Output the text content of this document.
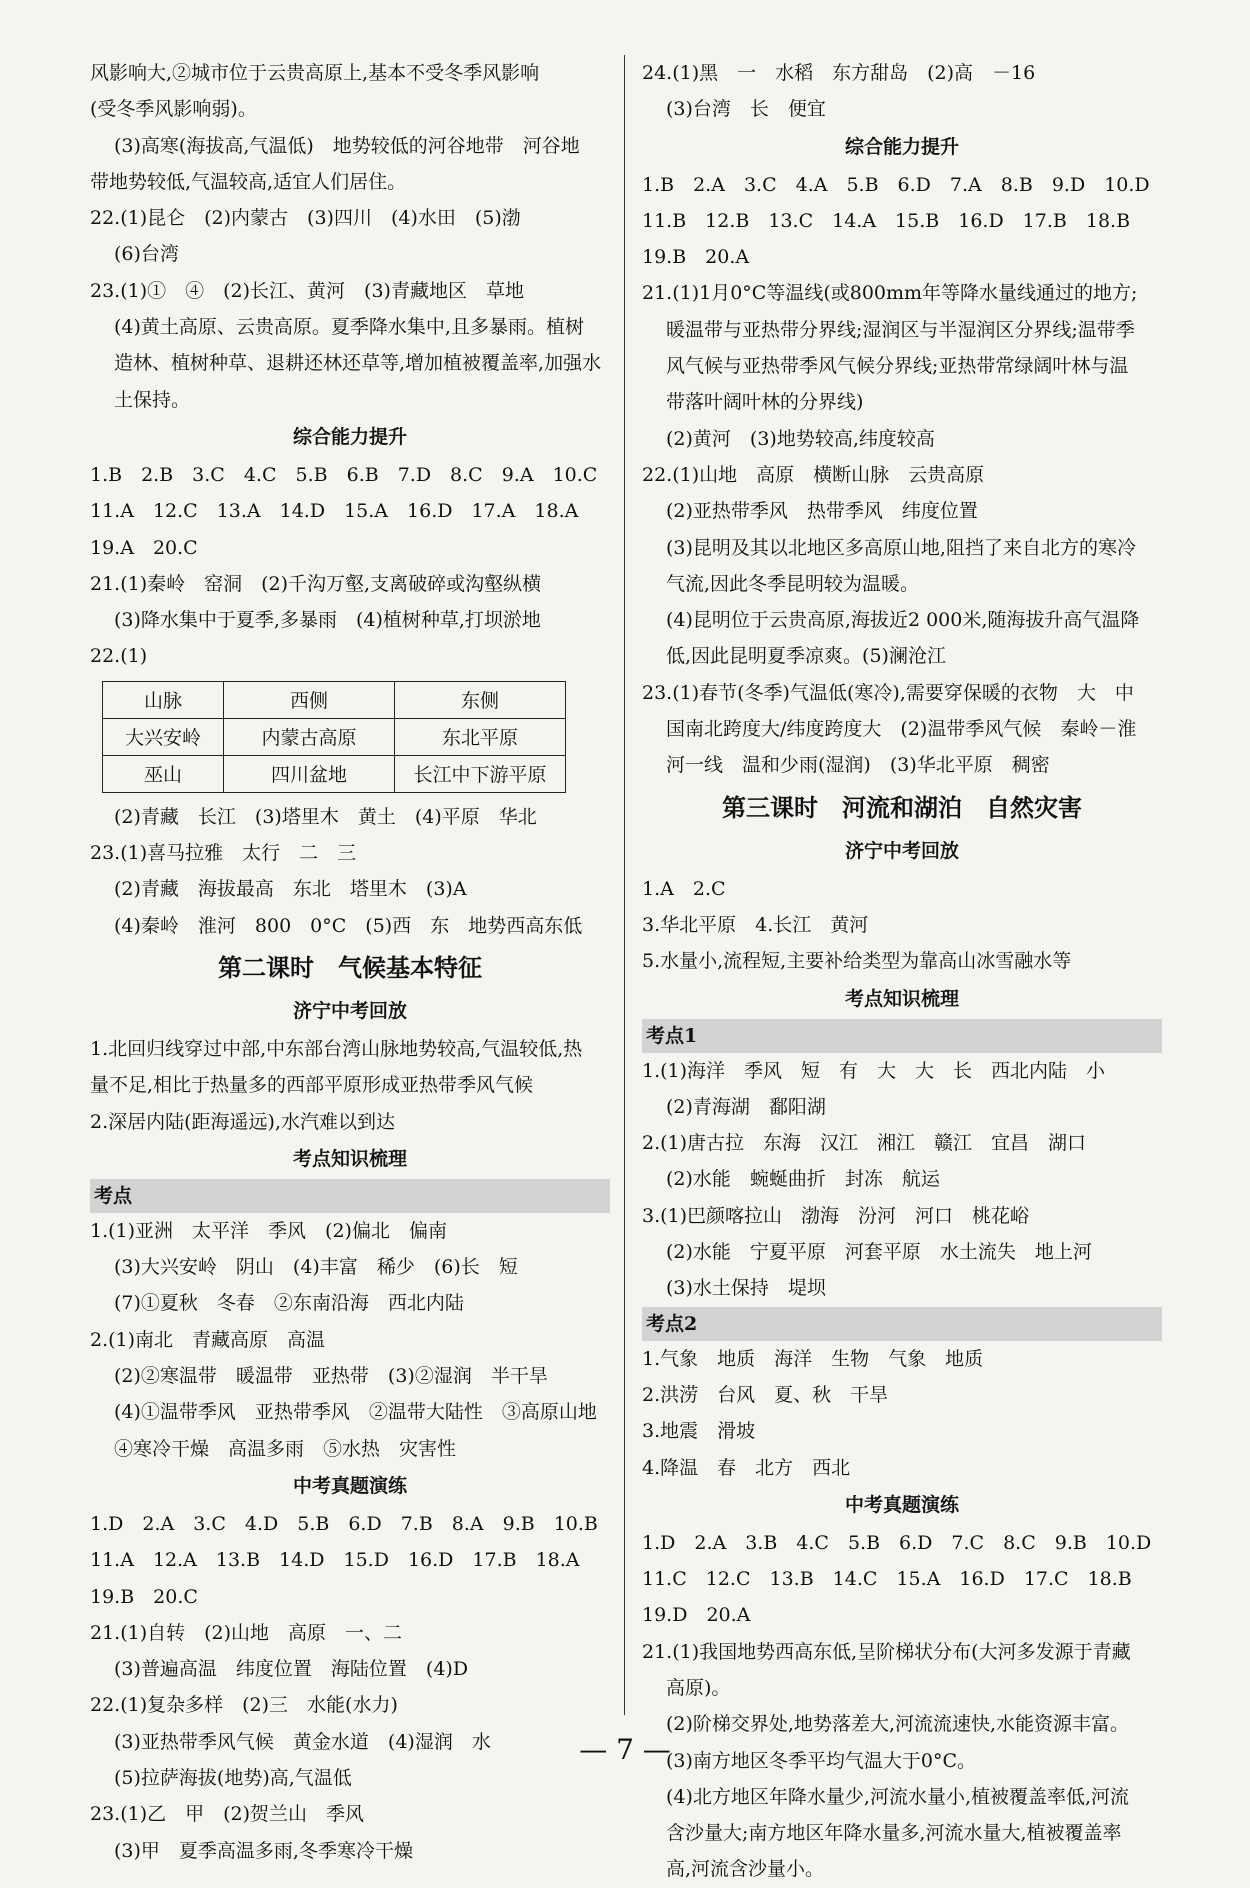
风影响大,②城市位于云贵高原上,基本不受冬季风影响
(受冬季风影响弱)。
(3)高寒(海拔高,气温低)　地势较低的河谷地带　河谷地
带地势较低,气温较高,适宜人们居住。
22.(1)昆仑　(2)内蒙古　(3)四川　(4)水田　(5)渤
(6)台湾
23.(1)①　④　(2)长江、黄河　(3)青藏地区　草地
(4)黄土高原、云贵高原。夏季降水集中,且多暴雨。植树
造林、植树种草、退耕还林还草等,增加植被覆盖率,加强水
土保持。
综合能力提升
1.B　2.B　3.C　4.C　5.B　6.B　7.D　8.C　9.A　10.C
11.A　12.C　13.A　14.D　15.A　16.D　17.A　18.A
19.A　20.C
21.(1)秦岭　窑洞　(2)千沟万壑,支离破碎或沟壑纵横
(3)降水集中于夏季,多暴雨　(4)植树种草,打坝淤地
22.(1)
山脉	西侧	东侧
大兴安岭	内蒙古高原	东北平原
巫山	四川盆地	长江中下游平原
(2)青藏　长江　(3)塔里木　黄土　(4)平原　华北
23.(1)喜马拉雅　太行　二　三
(2)青藏　海拔最高　东北　塔里木　(3)A
(4)秦岭　淮河　800　0°C　(5)西　东　地势西高东低
第二课时　气候基本特征
济宁中考回放
1.北回归线穿过中部,中东部台湾山脉地势较高,气温较低,热
量不足,相比于热量多的西部平原形成亚热带季风气候
2.深居内陆(距海遥远),水汽难以到达
考点知识梳理
考点
1.(1)亚洲　太平洋　季风　(2)偏北　偏南
(3)大兴安岭　阴山　(4)丰富　稀少　(6)长　短
(7)①夏秋　冬春　②东南沿海　西北内陆
2.(1)南北　青藏高原　高温
(2)②寒温带　暖温带　亚热带　(3)②湿润　半干旱
(4)①温带季风　亚热带季风　②温带大陆性　③高原山地
④寒冷干燥　高温多雨　⑤水热　灾害性
中考真题演练
1.D　2.A　3.C　4.D　5.B　6.D　7.B　8.A　9.B　10.B
11.A　12.A　13.B　14.D　15.D　16.D　17.B　18.A
19.B　20.C
21.(1)自转　(2)山地　高原　一、二
(3)普遍高温　纬度位置　海陆位置　(4)D
22.(1)复杂多样　(2)三　水能(水力)
(3)亚热带季风气候　黄金水道　(4)湿润　水
(5)拉萨海拔(地势)高,气温低
23.(1)乙　甲　(2)贺兰山　季风
(3)甲　夏季高温多雨,冬季寒冷干燥
24.(1)黑　一　水稻　东方甜岛　(2)高　－16
(3)台湾　长　便宜
综合能力提升
1.B　2.A　3.C　4.A　5.B　6.D　7.A　8.B　9.D　10.D
11.B　12.B　13.C　14.A　15.B　16.D　17.B　18.B
19.B　20.A
21.(1)1月0°C等温线(或800mm年等降水量线通过的地方;
暖温带与亚热带分界线;湿润区与半湿润区分界线;温带季
风气候与亚热带季风气候分界线;亚热带常绿阔叶林与温
带落叶阔叶林的分界线)
(2)黄河　(3)地势较高,纬度较高
22.(1)山地　高原　横断山脉　云贵高原
(2)亚热带季风　热带季风　纬度位置
(3)昆明及其以北地区多高原山地,阻挡了来自北方的寒冷
气流,因此冬季昆明较为温暖。
(4)昆明位于云贵高原,海拔近2 000米,随海拔升高气温降
低,因此昆明夏季凉爽。(5)澜沧江
23.(1)春节(冬季)气温低(寒冷),需要穿保暖的衣物　大　中
国南北跨度大/纬度跨度大　(2)温带季风气候　秦岭－淮
河一线　温和少雨(湿润)　(3)华北平原　稠密
第三课时　河流和湖泊　自然灾害
济宁中考回放
1.A　2.C
3.华北平原　4.长江　黄河
5.水量小,流程短,主要补给类型为靠高山冰雪融水等
考点知识梳理
考点1
1.(1)海洋　季风　短　有　大　大　长　西北内陆　小
(2)青海湖　鄱阳湖
2.(1)唐古拉　东海　汉江　湘江　赣江　宜昌　湖口
(2)水能　蜿蜒曲折　封冻　航运
3.(1)巴颜喀拉山　渤海　汾河　河口　桃花峪
(2)水能　宁夏平原　河套平原　水土流失　地上河
(3)水土保持　堤坝
考点2
1.气象　地质　海洋　生物　气象　地质
2.洪涝　台风　夏、秋　干旱
3.地震　滑坡
4.降温　春　北方　西北
中考真题演练
1.D　2.A　3.B　4.C　5.B　6.D　7.C　8.C　9.B　10.D
11.C　12.C　13.B　14.C　15.A　16.D　17.C　18.B
19.D　20.A
21.(1)我国地势西高东低,呈阶梯状分布(大河多发源于青藏
高原)。
(2)阶梯交界处,地势落差大,河流流速快,水能资源丰富。
(3)南方地区冬季平均气温大于0°C。
(4)北方地区年降水量少,河流水量小,植被覆盖率低,河流
含沙量大;南方地区年降水量多,河流水量大,植被覆盖率
高,河流含沙量小。
— 7 —
